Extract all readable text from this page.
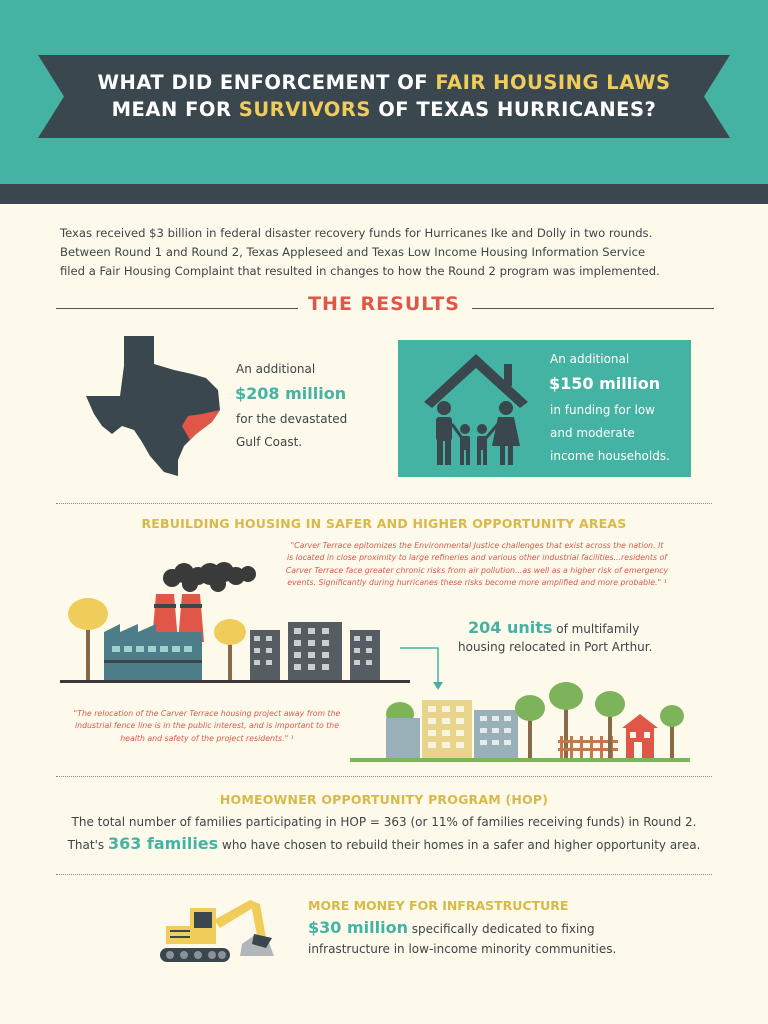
WHAT DID ENFORCEMENT OF FAIR HOUSING LAWS
MEAN FOR SURVIVORS OF TEXAS HURRICANES?
Texas received $3 billion in federal disaster recovery funds for Hurricanes Ike and Dolly in two rounds.
Between Round 1 and Round 2, Texas Appleseed and Texas Low Income Housing Information Service
filed a Fair Housing Complaint that resulted in changes to how the Round 2 program was implemented.
THE RESULTS
An additional
$208 million
for the devastated
Gulf Coast.
An additional
$150 million
in funding for low
and moderate
income households.
REBUILDING HOUSING IN SAFER AND HIGHER OPPORTUNITY AREAS
"Carver Terrace epitomizes the Environmental Justice challenges that exist across the nation. It
is located in close proximity to large refineries and various other industrial facilities...residents of
Carver Terrace face greater chronic risks from air pollution...as well as a higher risk of emergency
events. Significantly during hurricanes these risks become more amplified and more probable." ¹
204 units of multifamily
housing relocated in Port Arthur.
"The relocation of the Carver Terrace housing project away from the
industrial fence line is in the public interest, and is important to the
health and safety of the project residents." ¹
HOMEOWNER OPPORTUNITY PROGRAM (HOP)
The total number of families participating in HOP = 363 (or 11% of families receiving funds) in Round 2.
That's 363 families who have chosen to rebuild their homes in a safer and higher opportunity area.
MORE MONEY FOR INFRASTRUCTURE
$30 million specifically dedicated to fixing
infrastructure in low-income minority communities.
